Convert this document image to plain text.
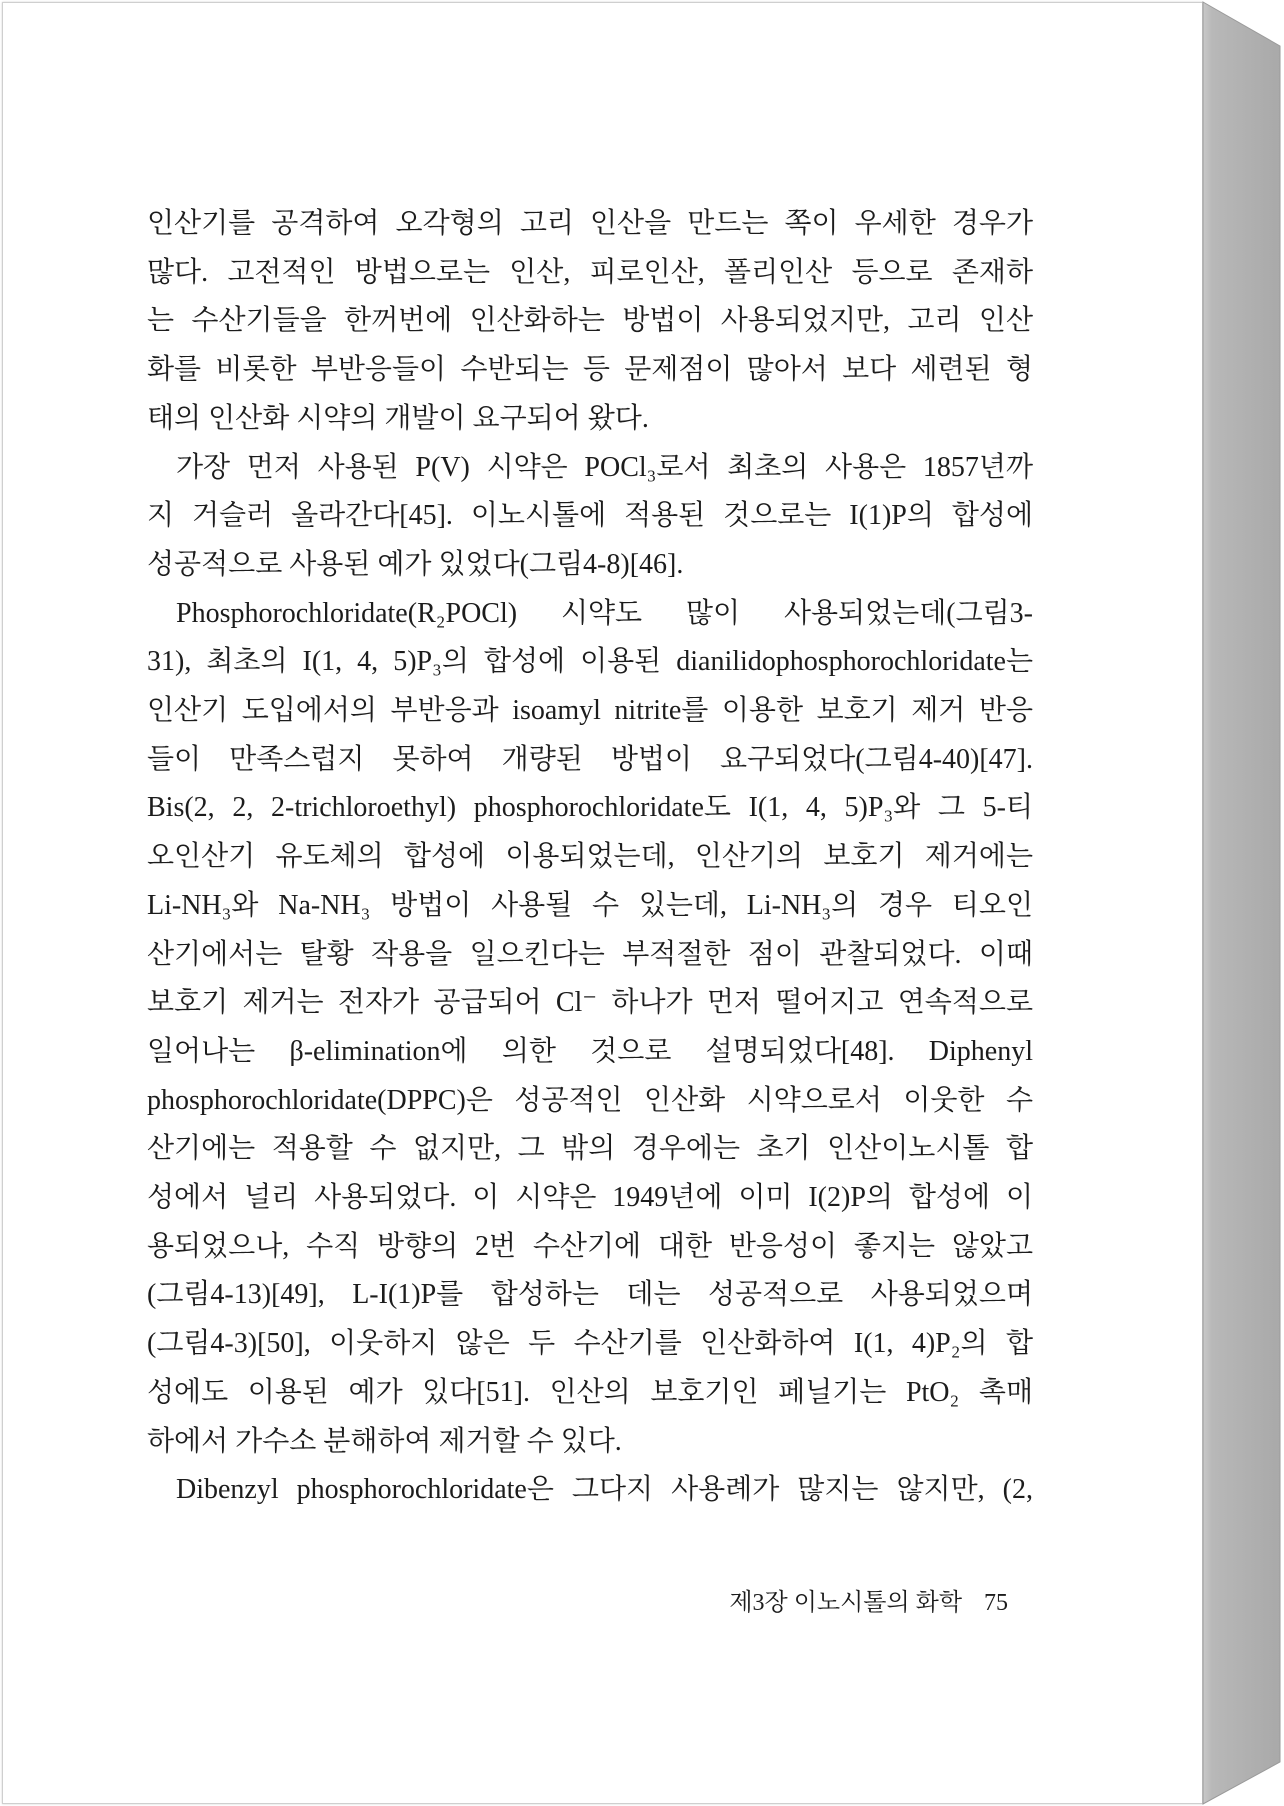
인산기를 공격하여 오각형의 고리 인산을 만드는 쪽이 우세한 경우가
많다. 고전적인 방법으로는 인산, 피로인산, 폴리인산 등으로 존재하
는 수산기들을 한꺼번에 인산화하는 방법이 사용되었지만, 고리 인산
화를 비롯한 부반응들이 수반되는 등 문제점이 많아서 보다 세련된 형
태의 인산화 시약의 개발이 요구되어 왔다.
가장 먼저 사용된 P(V) 시약은 POCl₃로서 최초의 사용은 1857년까
지 거슬러 올라간다[45]. 이노시톨에 적용된 것으로는 I(1)P의 합성에
성공적으로 사용된 예가 있었다(그림4-8)[46].
Phosphorochloridate(R₂POCl) 시약도 많이 사용되었는데(그림3-
31), 최초의 I(1, 4, 5)P₃의 합성에 이용된 dianilidophosphorochloridate는
인산기 도입에서의 부반응과 isoamyl nitrite를 이용한 보호기 제거 반응
들이 만족스럽지 못하여 개량된 방법이 요구되었다(그림4-40)[47].
Bis(2, 2, 2-trichloroethyl) phosphorochloridate도 I(1, 4, 5)P₃와 그 5-티
오인산기 유도체의 합성에 이용되었는데, 인산기의 보호기 제거에는
Li-NH₃와 Na-NH₃ 방법이 사용될 수 있는데, Li-NH₃의 경우 티오인
산기에서는 탈황 작용을 일으킨다는 부적절한 점이 관찰되었다. 이때
보호기 제거는 전자가 공급되어 Cl⁻ 하나가 먼저 떨어지고 연속적으로
일어나는 β-elimination에 의한 것으로 설명되었다[48]. Diphenyl
phosphorochloridate(DPPC)은 성공적인 인산화 시약으로서 이웃한 수
산기에는 적용할 수 없지만, 그 밖의 경우에는 초기 인산이노시톨 합
성에서 널리 사용되었다. 이 시약은 1949년에 이미 I(2)P의 합성에 이
용되었으나, 수직 방향의 2번 수산기에 대한 반응성이 좋지는 않았고
(그림4-13)[49], L-I(1)P를 합성하는 데는 성공적으로 사용되었으며
(그림4-3)[50], 이웃하지 않은 두 수산기를 인산화하여 I(1, 4)P₂의 합
성에도 이용된 예가 있다[51]. 인산의 보호기인 페닐기는 PtO₂ 촉매
하에서 가수소 분해하여 제거할 수 있다.
Dibenzyl phosphorochloridate은 그다지 사용례가 많지는 않지만, (2,
제3장 이노시톨의 화학 75
